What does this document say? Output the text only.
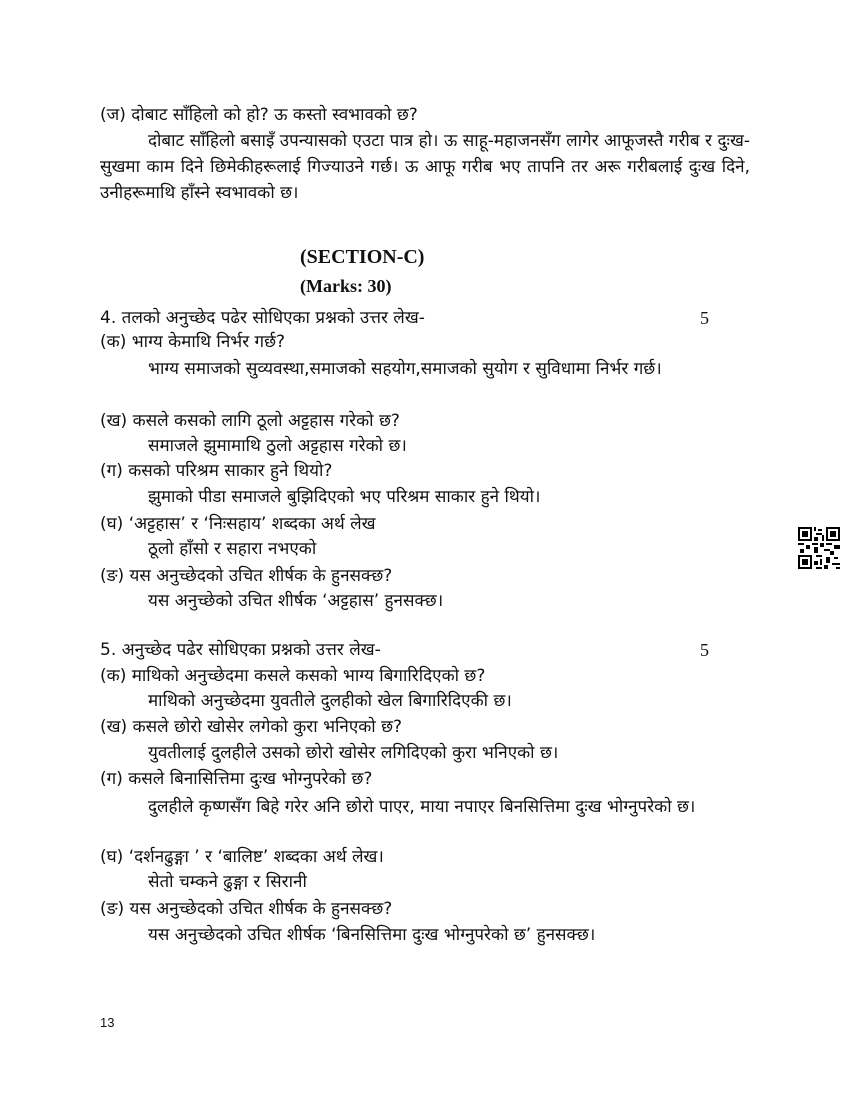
(ज) दोबाट साँहिलो को हो? ऊ कस्तो स्वभावको छ?
दोबाट साँहिलो बसाइँ उपन्यासको एउटा पात्र हो। ऊ साहू-महाजनसँग लागेर आफूजस्तै गरीब र दुःख-सुखमा काम दिने छिमेकीहरूलाई गिज्याउने गर्छ। ऊ आफू गरीब भए तापनि तर अरू गरीबलाई दुःख दिने, उनीहरूमाथि हाँस्ने स्वभावको छ।
(SECTION-C)
(Marks: 30)
4. तलको अनुच्छेद पढेर सोधिएका प्रश्नको उत्तर लेख-	5
(क) भाग्य केमाथि निर्भर गर्छ?
भाग्य समाजको सुव्यवस्था,समाजको सहयोग,समाजको सुयोग र सुविधामा निर्भर गर्छ।
(ख) कसले कसको लागि ठूलो अट्टहास गरेको छ?
समाजले झुमामाथि ठुलो अट्टहास गरेको छ।
(ग) कसको परिश्रम साकार हुने थियो?
झुमाको पीडा समाजले बुझिदिएको भए परिश्रम साकार हुने थियो।
(घ) ‘अट्टहास’ र ‘निःसहाय’ शब्दका अर्थ लेख
ठूलो हाँसो र सहारा नभएको
(ङ) यस अनुच्छेदको उचित शीर्षक के हुनसक्छ?
यस अनुच्छेको उचित शीर्षक ‘अट्टहास’ हुनसक्छ।
5. अनुच्छेद पढेर सोधिएका प्रश्नको उत्तर लेख-	5
(क) माथिको अनुच्छेदमा कसले कसको भाग्य बिगारिदिएको छ?
माथिको अनुच्छेदमा युवतीले दुलहीको खेल बिगारिदिएकी छ।
(ख) कसले छोरो खोसेर लगेको कुरा भनिएको छ?
युवतीलाई दुलहीले उसको छोरो खोसेर लगिदिएको कुरा भनिएको छ।
(ग) कसले बिनासित्तिमा दुःख भोग्नुपरेको छ?
दुलहीले कृष्णसँग बिहे गरेर अनि छोरो पाएर, माया नपाएर बिनसित्तिमा दुःख भोग्नुपरेको छ।
(घ) ‘दर्शनढुङ्गा ’ र ‘बालिष्ट’ शब्दका अर्थ लेख।
सेतो चम्कने ढुङ्गा र सिरानी
(ङ) यस अनुच्छेदको उचित शीर्षक के हुनसक्छ?
यस अनुच्छेदको उचित शीर्षक ‘बिनसित्तिमा दुःख भोग्नुपरेको छ’ हुनसक्छ।
13
